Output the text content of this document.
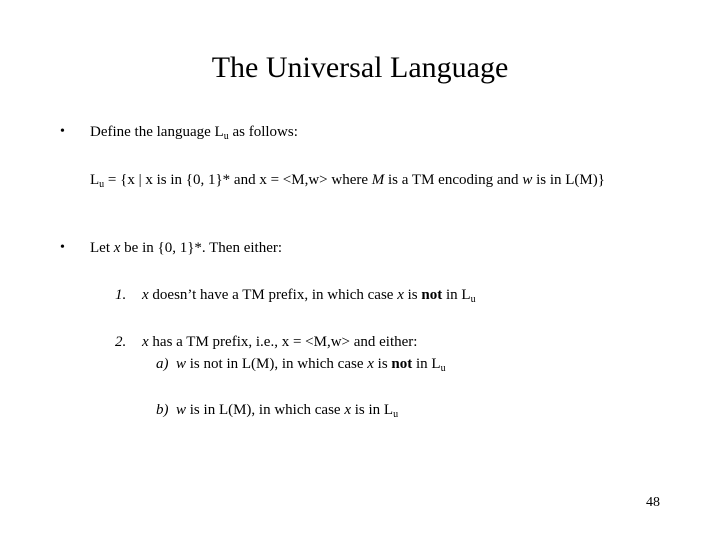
The Universal Language
• Define the language $L_u$ as follows:
$L_u = \{x$ | x is in {0, 1}* and x = <M,w> where M is a TM encoding and w is in L(M)}
• Let x be in {0, 1}*. Then either:
1. x doesn’t have a TM prefix, in which case x is not in $L_u$
2. x has a TM prefix, i.e., x = <M,w> and either:
a) w is not in L(M), in which case x is not in $L_u$
b) w is in L(M), in which case x is in $L_u$
48
